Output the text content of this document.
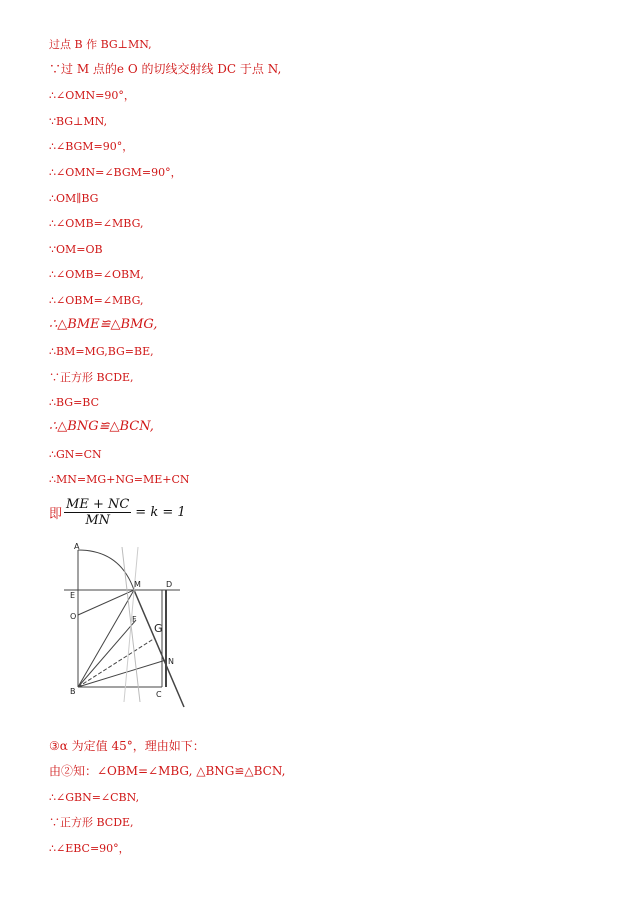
过点 B 作 BG⊥MN,
∵过 M 点的e O 的切线交射线 DC 于点 N,
∴∠OMN=90°，
∵BG⊥MN,
∴∠BGM=90°，
∴∠OMN=∠BGM=90°，
∴OM∥BG
∴∠OMB=∠MBG,
∵OM=OB
∴∠OMB=∠OBM,
∴∠OBM=∠MBG,
∴△BME≌△BMG,
∴BM=MG,BG=BE,
∵正方形 BCDE,
∴BG=BC
∴△BNG≌△BCN,
∴GN=CN
∴MN=MG+NG=ME+CN
即 $\frac{ME + NC}{MN} = k = 1$
A
E
O
M	D
F
G
N
B	C
③α 为定值 45°，理由如下：
由②知：∠OBM=∠MBG, △BNG≌△BCN,
∴∠GBN=∠CBN,
∵正方形 BCDE,
∴∠EBC=90°，
